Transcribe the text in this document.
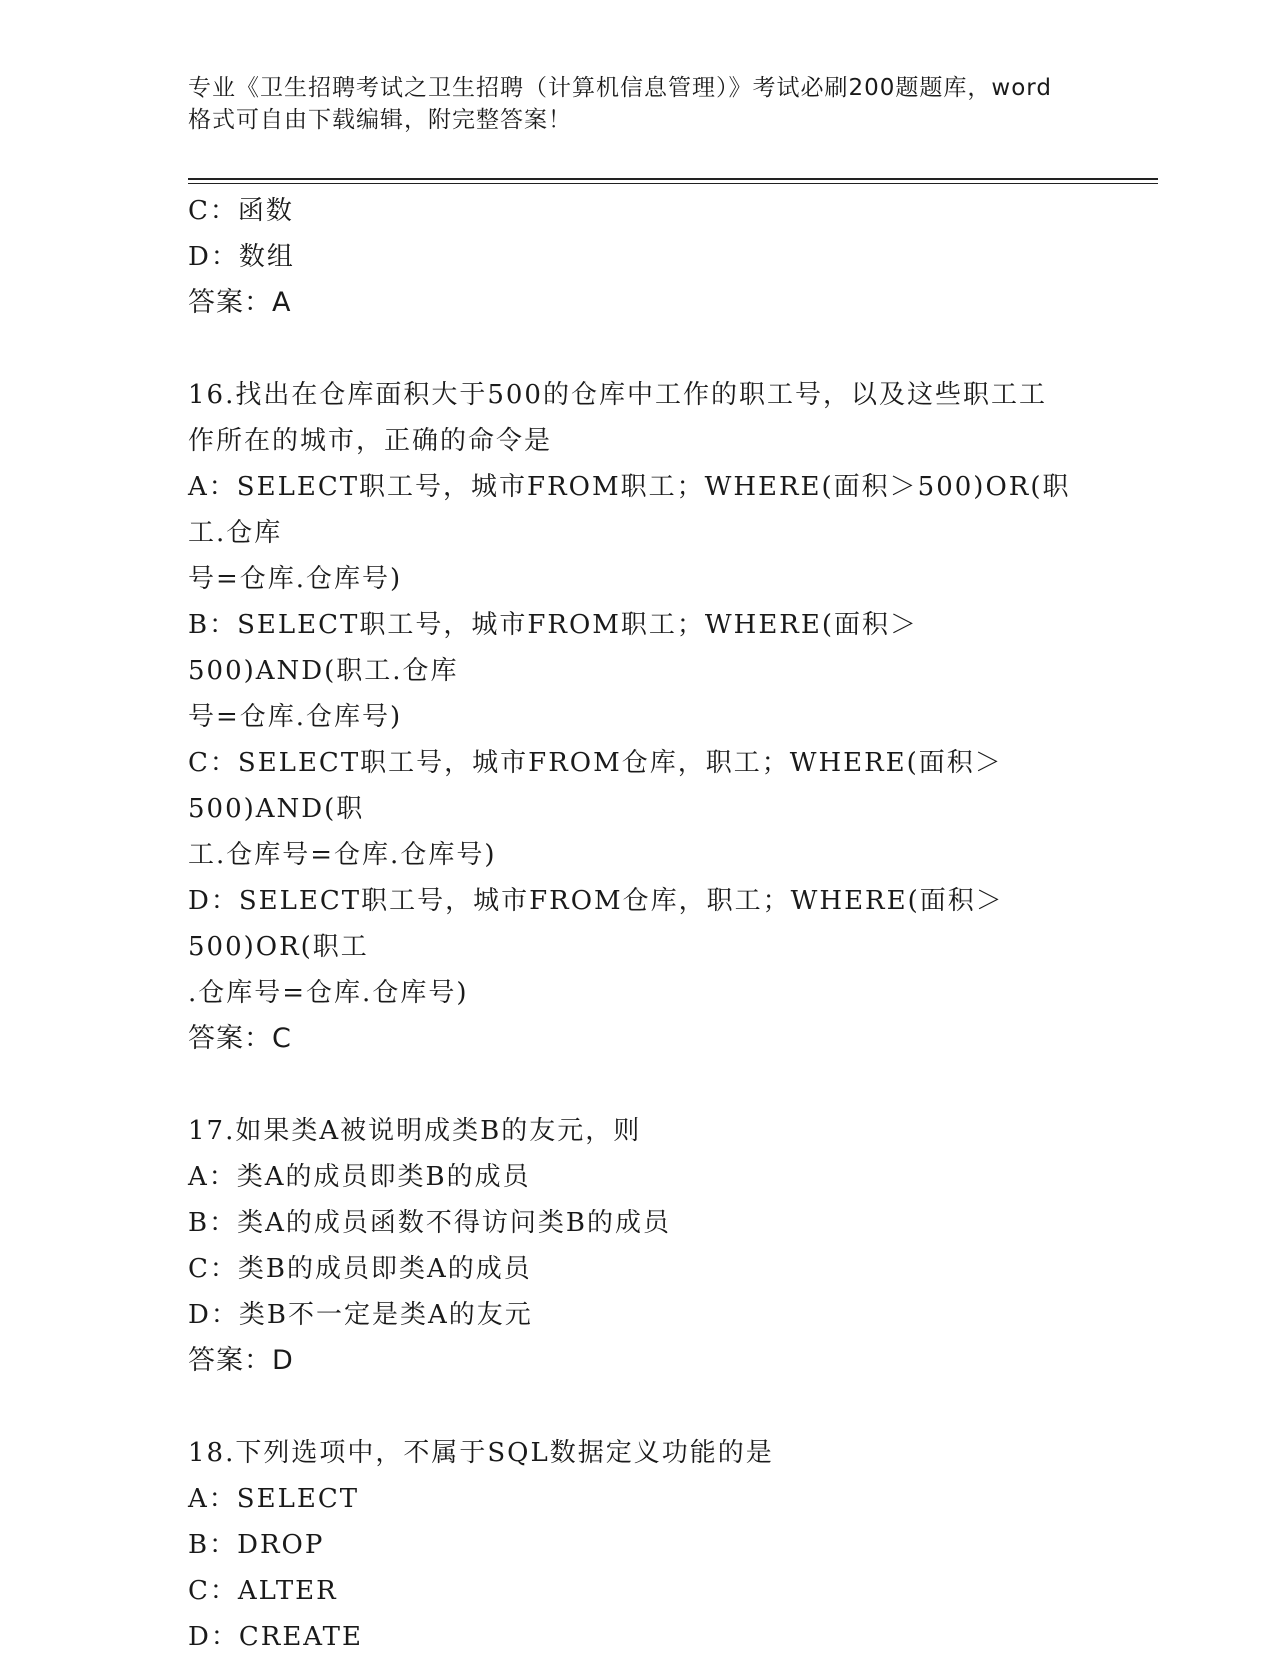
专业《卫生招聘考试之卫生招聘（计算机信息管理）》考试必刷200题题库，word
格式可自由下载编辑，附完整答案！
C：函数
D：数组
答案：A
16.找出在仓库面积大于500的仓库中工作的职工号，以及这些职工工
作所在的城市，正确的命令是
A：SELECT职工号，城市FROM职工；WHERE(面积＞500)OR(职工.仓库
号=仓库.仓库号)
B：SELECT职工号，城市FROM职工；WHERE(面积＞500)AND(职工.仓库
号=仓库.仓库号)
C：SELECT职工号，城市FROM仓库，职工；WHERE(面积＞500)AND(职
工.仓库号=仓库.仓库号)
D：SELECT职工号，城市FROM仓库，职工；WHERE(面积＞500)OR(职工
.仓库号=仓库.仓库号)
答案：C
17.如果类A被说明成类B的友元，则
A：类A的成员即类B的成员
B：类A的成员函数不得访问类B的成员
C：类B的成员即类A的成员
D：类B不一定是类A的友元
答案：D
18.下列选项中，不属于SQL数据定义功能的是
A：SELECT
B：DROP
C：ALTER
D：CREATE
